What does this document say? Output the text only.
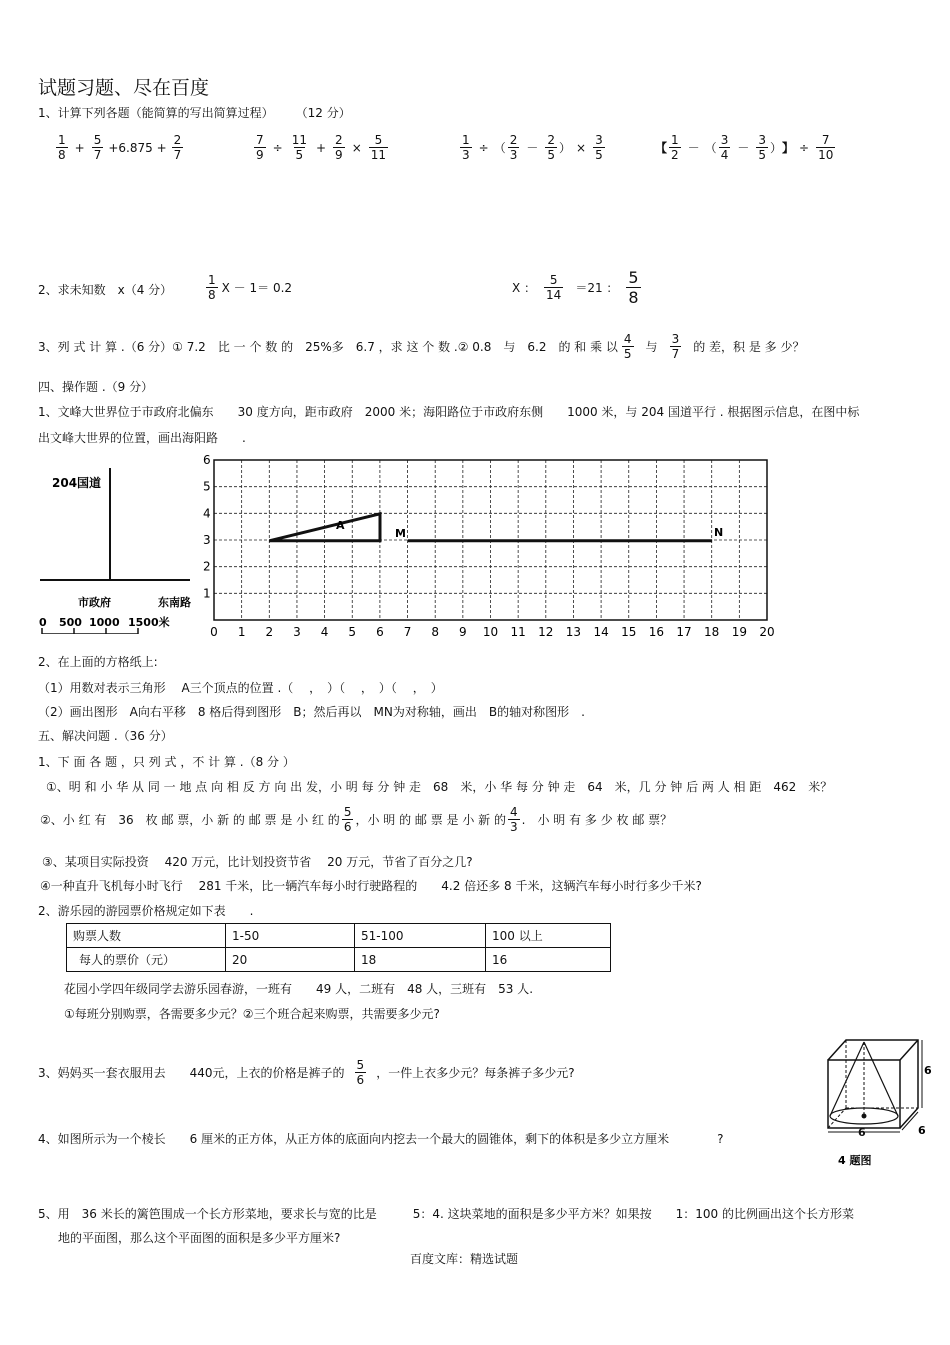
试题习题、尽在百度
1、计算下列各题（能简算的写出简算过程） （12 分）
$\frac{1}{8} + \frac{5}{7} +6.875 + \frac{2}{7}$	$\frac{7}{9} \div \frac{11}{5} + \frac{2}{9} \times \frac{5}{11}$	$\frac{1}{3}$ ÷ （ $\frac{2}{3} - \frac{2}{5}$ ） × $\frac{3}{5}$	【 $\frac{1}{2}$ － （ $\frac{3}{4} - \frac{3}{5}$ ） 】 ÷ $\frac{7}{10}$
2、求未知数　x（4 分）	$\frac{1}{8}$ X － 1＝ 0.2	X ： $\frac{5}{14} =21$ ： $\frac{5}{8}$
3、列 式 计 算 .（6 分）① 7.2　比 一 个 数 的　25%多　6.7 ，求 这 个 数 .② 0.8　与　6.2　的 和 乘 以 $\frac{4}{5}$ 与 $\frac{3}{7}$ 的 差，积 是 多 少？
四、操作题 .（9 分）
1、文峰大世界位于市政府北偏东　　30 度方向，距市政府　2000 米；海阳路位于市政府东侧　　1000 米，与 204 国道平行 . 根据图示信息，在图中标
出文峰大世界的位置，画出海阳路　　.
204国道
市政府	东南路
0 500 1000 1500米
A
M	N
0 1 2 3 4 5 6 7 8 9 10 11 12 13 14 15 16 17 18 19 20
1
2
3
4
5
6
2、在上面的方格纸上:
（1）用数对表示三角形　 A三个顶点的位置 .（　 ，　）（　 ，　）（　 ，　）
（2）画出图形　A向右平移　8 格后得到图形　B；然后再以　MN为对称轴，画出　B的轴对称图形　.
五、解决问题 .（36 分）
1、下 面 各 题 ，只 列 式 ，不 计 算 .（8 分 ）
①、明 和 小 华 从 同 一 地 点 向 相 反 方 向 出 发，小 明 每 分 钟 走　68　米，小 华 每 分 钟 走　64　米，几 分 钟 后 两 人 相 距　462　米？
②、小 红 有　36　枚 邮 票，小 新 的 邮 票 是 小 红 的 $\frac{5}{6}$ ，小 明 的 邮 票 是 小 新 的 $\frac{4}{3}$ .　小 明 有 多 少 枚 邮 票？
③、某项目实际投资　 420 万元，比计划投资节省　 20 万元，节省了百分之几?
④一种直升飞机每小时飞行　 281 千米，比一辆汽车每小时行驶路程的　　4.2 倍还多 8 千米，这辆汽车每小时行多少千米?
2、游乐园的游园票价格规定如下表　　.
购票人数	1-50	51-100	100 以上
每人的票价（元）	20	18	16
花园小学四年级同学去游乐园春游，一班有　　49 人，二班有　48 人，三班有　53 人.
①每班分别购票，各需要多少元？②三个班合起来购票，共需要多少元?
3、妈妈买一套衣服用去　　440元，上衣的价格是裤子的 $\frac{5}{6}$ ，一件上衣多少元？每条裤子多少元?
4、如图所示为一个棱长　　6 厘米的正方体，从正方体的底面向内挖去一个最大的圆锥体，剩下的体积是多少立方厘米　　　　?
6
6
6
4 题图
5、用　36 米长的篱笆围成一个长方形菜地，要求长与宽的比是　　　5：4. 这块菜地的面积是多少平方米？如果按　　1：100 的比例画出这个长方形菜
地的平面图，那么这个平面图的面积是多少平方厘米?
百度文库：精选试题
